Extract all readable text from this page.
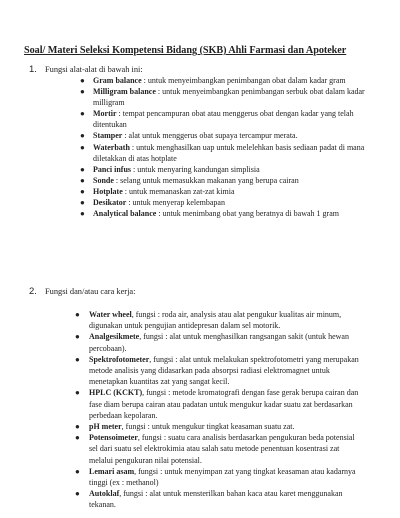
Soal/ Materi Seleksi Kompetensi Bidang (SKB) Ahli Farmasi dan Apoteker
1. Fungsi alat-alat di bawah ini:
● Gram balance : untuk menyeimbangkan penimbangan obat dalam kadar gram
● Milligram balance : untuk menyeimbangkan penimbangan serbuk obat dalam kadar milligram
● Mortir : tempat pencampuran obat atau menggerus obat dengan kadar yang telah ditentukan
● Stamper : alat untuk menggerus obat supaya tercampur merata.
● Waterbath : untuk menghasilkan uap untuk melelehkan basis sediaan padat di mana diletakkan di atas hotplate
● Panci infus : untuk menyaring kandungan simplisia
● Sonde : selang untuk memasukkan makanan yang berupa cairan
● Hotplate : untuk memanaskan zat-zat kimia
● Desikator : untuk menyerap kelembapan
● Analytical balance : untuk menimbang obat yang beratnya di bawah 1 gram
2. Fungsi dan/atau cara kerja:
● Water wheel, fungsi : roda air, analysis atau alat pengukur kualitas air minum, digunakan untuk pengujian antidepresan dalam sel motorik.
● Analgesikmete, fungsi : alat untuk menghasilkan rangsangan sakit (untuk hewan percobaan).
● Spektrofotometer, fungsi : alat untuk melakukan spektrofotometri yang merupakan metode analisis yang didasarkan pada absorpsi radiasi elektromagnet untuk menetapkan kuantitas zat yang sangat kecil.
● HPLC (KCKT), fungsi : metode kromatografi dengan fase gerak berupa cairan dan fase diam berupa cairan atau padatan untuk mengukur kadar suatu zat berdasarkan perbedaan kepolaran.
● pH meter, fungsi : untuk mengukur tingkat keasaman suatu zat.
● Potensoimeter, fungsi : suatu cara analisis berdasarkan pengukuran beda potensial sel dari suatu sel elektrokimia atau salah satu metode penentuan kosentrasi zat melalui pengukuran nilai potensial.
● Lemari asam, fungsi : untuk menyimpan zat yang tingkat keasaman atau kadarnya tinggi (ex : methanol)
● Autoklaf, fungsi : alat untuk mensterilkan bahan kaca atau karet menggunakan tekanan.
